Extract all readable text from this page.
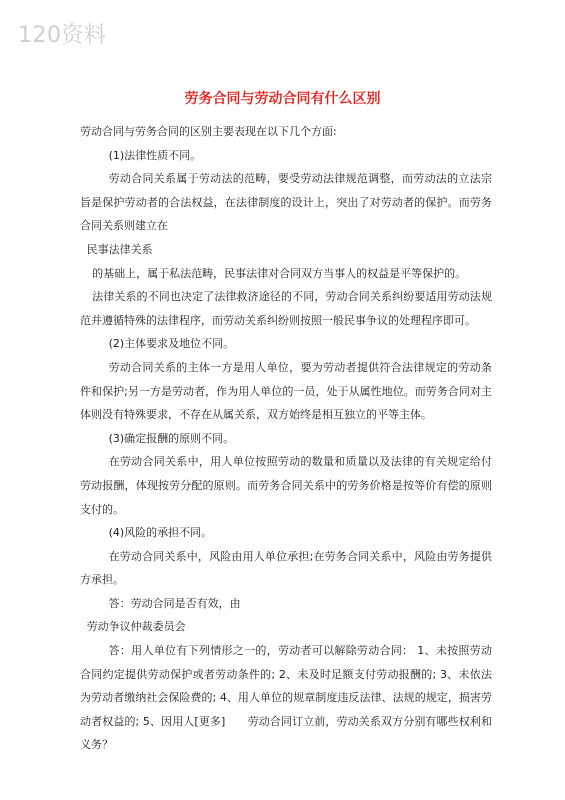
120资料
劳务合同与劳动合同有什么区别

劳动合同与劳务合同的区别主要表现在以下几个方面:

(1)法律性质不同。

劳动合同关系属于劳动法的范畴，要受劳动法律规范调整，而劳动法的立法宗旨是保护劳动者的合法权益，在法律制度的设计上，突出了对劳动者的保护。而劳务合同关系则建立在

民事法律关系

的基础上，属于私法范畴，民事法律对合同双方当事人的权益是平等保护的。

法律关系的不同也决定了法律救济途径的不同，劳动合同关系纠纷要适用劳动法规范并遵循特殊的法律程序，而劳动关系纠纷则按照一般民事争议的处理程序即可。

(2)主体要求及地位不同。

劳动合同关系的主体一方是用人单位，要为劳动者提供符合法律规定的劳动条件和保护;另一方是劳动者，作为用人单位的一员，处于从属性地位。而劳务合同对主体则没有特殊要求，不存在从属关系，双方始终是相互独立的平等主体。

(3)确定报酬的原则不同。

在劳动合同关系中，用人单位按照劳动的数量和质量以及法律的有关规定给付劳动报酬，体现按劳分配的原则。而劳务合同关系中的劳务价格是按等价有偿的原则支付的。

(4)风险的承担不同。

在劳动合同关系中，风险由用人单位承担;在劳务合同关系中，风险由劳务提供方承担。

答：劳动合同是否有效，由

劳动争议仲裁委员会

答：用人单位有下列情形之一的，劳动者可以解除劳动合同： 1、未按照劳动合同约定提供劳动保护或者劳动条件的; 2、未及时足额支付劳动报酬的; 3、未依法为劳动者缴纳社会保险费的; 4、用人单位的规章制度违反法律、法规的规定，损害劳动者权益的; 5、因用人[更多]　　劳动合同订立前，劳动关系双方分别有哪些权利和义务？
